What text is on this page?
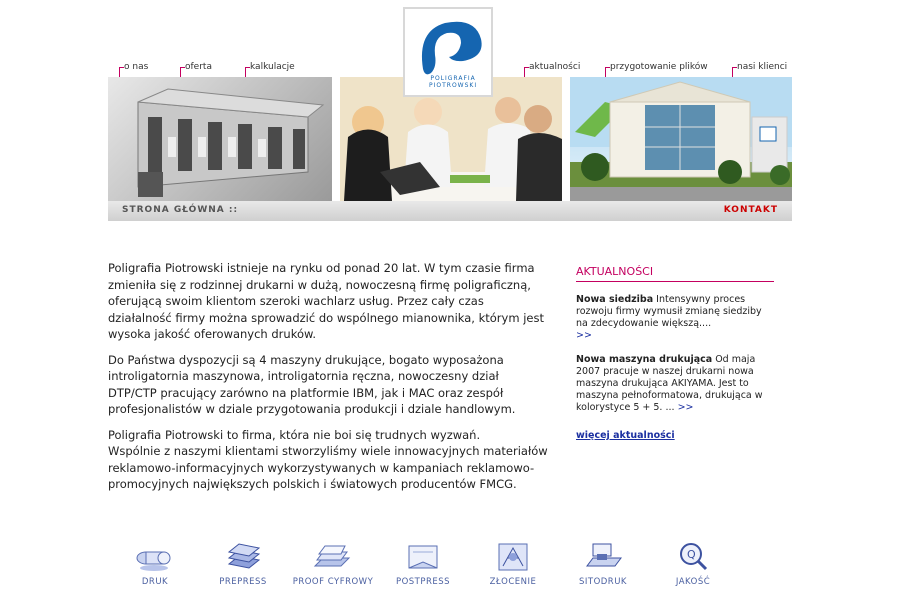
o nas	oferta	kalkulacje	aktualności	przygotowanie plików	nasi klienci
POLIGRAFIA
PIOTROWSKI
STRONA GŁÓWNA ::	KONTAKT

Poligrafia Piotrowski istnieje na rynku od ponad 20 lat. W tym czasie firma zmieniła się z rodzinnej drukarni w dużą, nowoczesną firmę poligraficzną, oferującą swoim klientom szeroki wachlarz usług. Przez cały czas działalność firmy można sprowadzić do wspólnego mianownika, którym jest wysoka jakość oferowanych druków.

Do Państwa dyspozycji są 4 maszyny drukujące, bogato wyposażona introligatornia maszynowa, introligatornia ręczna, nowoczesny dział DTP/CTP pracujący zarówno na platformie IBM, jak i MAC oraz zespół profesjonalistów w dziale przygotowania produkcji i dziale handlowym.

Poligrafia Piotrowski to firma, która nie boi się trudnych wyzwań.
Wspólnie z naszymi klientami stworzyliśmy wiele innowacyjnych materiałów reklamowo-informacyjnych wykorzystywanych w kampaniach reklamowo-promocyjnych największych polskich i światowych producentów FMCG.

AKTUALNOŚCI
Nowa siedziba Intensywny proces rozwoju firmy wymusił zmianę siedziby na zdecydowanie większą....
>>
Nowa maszyna drukująca Od maja 2007 pracuje w naszej drukarni nowa maszyna drukująca AKIYAMA. Jest to maszyna pełnoformatowa, drukująca w kolorystyce 5 + 5. ... >>
więcej aktualności
DRUK	PREPRESS	PROOF CYFROWY	POSTPRESS	ZŁOCENIE	SITODRUK
Q
JAKOŚĆ
